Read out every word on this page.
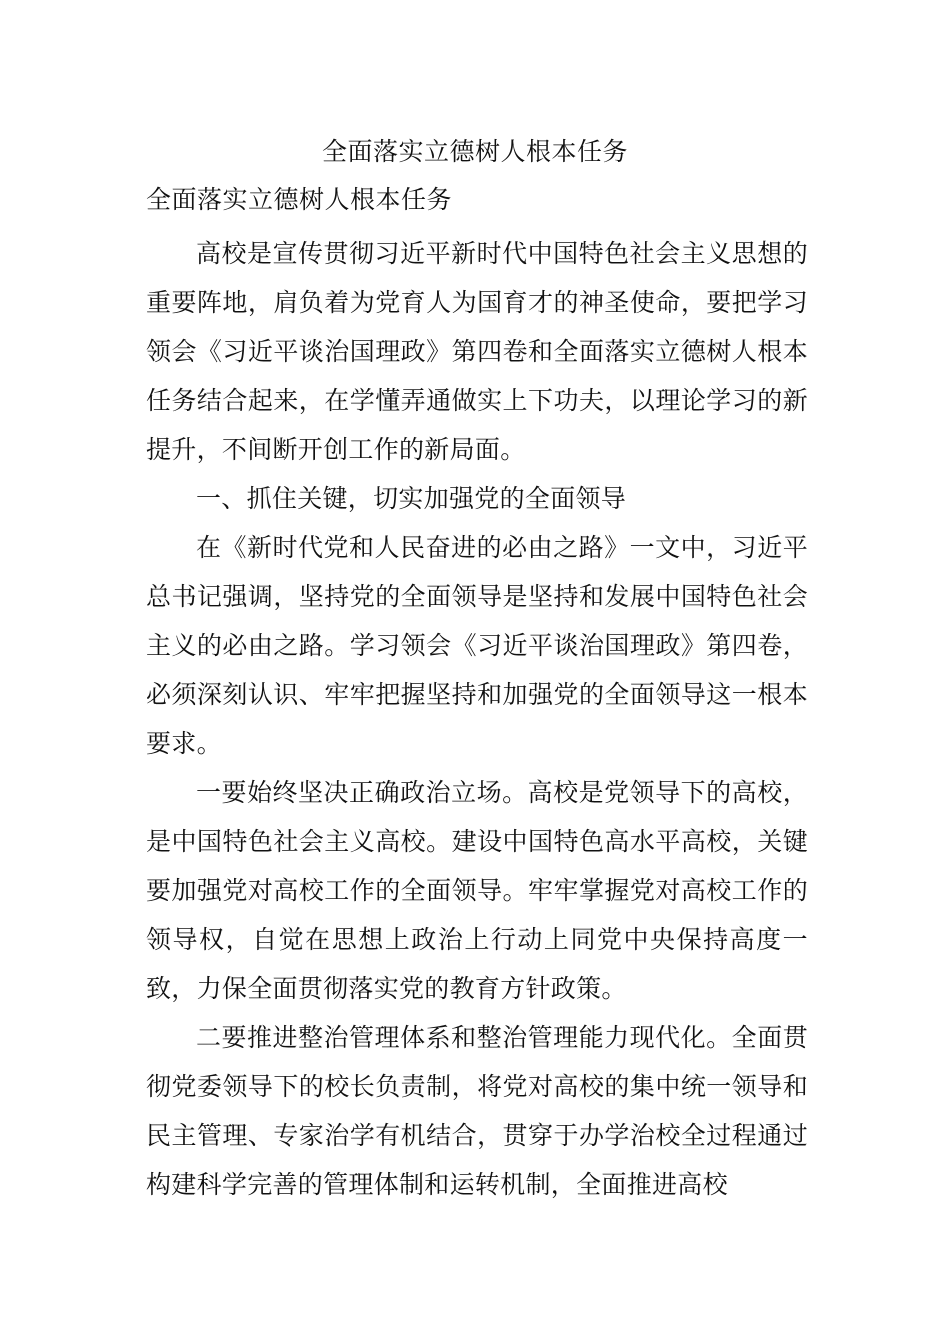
全面落实立德树人根本任务
全面落实立德树人根本任务

高校是宣传贯彻习近平新时代中国特色社会主义思想的重要阵地，肩负着为党育人为国育才的神圣使命，要把学习领会《习近平谈治国理政》第四卷和全面落实立德树人根本任务结合起来，在学懂弄通做实上下功夫，以理论学习的新提升，不间断开创工作的新局面。

一、抓住关键，切实加强党的全面领导

在《新时代党和人民奋进的必由之路》一文中，习近平总书记强调，坚持党的全面领导是坚持和发展中国特色社会主义的必由之路。学习领会《习近平谈治国理政》第四卷，必须深刻认识、牢牢把握坚持和加强党的全面领导这一根本要求。

一要始终坚决正确政治立场。高校是党领导下的高校，是中国特色社会主义高校。建设中国特色高水平高校，关键要加强党对高校工作的全面领导。牢牢掌握党对高校工作的领导权，自觉在思想上政治上行动上同党中央保持高度一致，力保全面贯彻落实党的教育方针政策。

二要推进整治管理体系和整治管理能力现代化。全面贯彻党委领导下的校长负责制，将党对高校的集中统一领导和民主管理、专家治学有机结合，贯穿于办学治校全过程通过构建科学完善的管理体制和运转机制，全面推进高校
